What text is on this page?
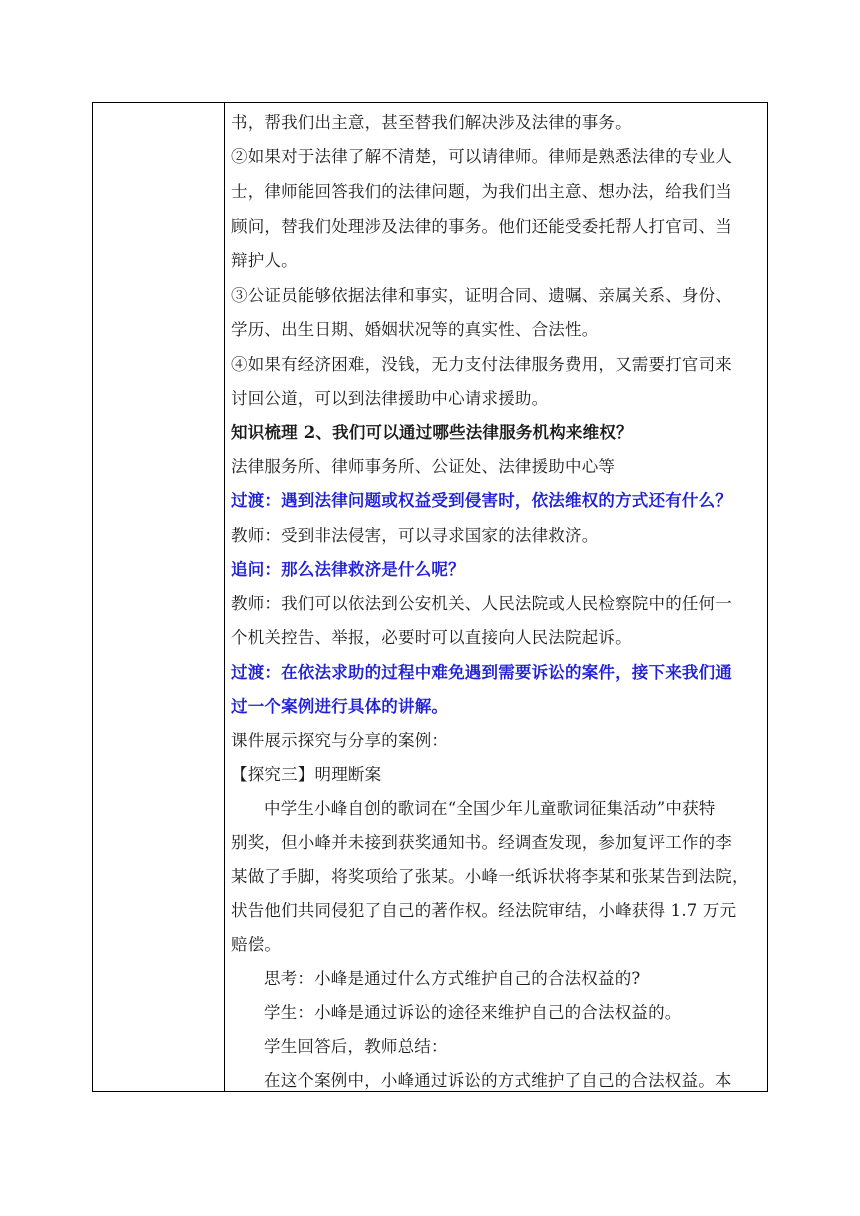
书，帮我们出主意，甚至替我们解决涉及法律的事务。
②如果对于法律了解不清楚，可以请律师。律师是熟悉法律的专业人
士，律师能回答我们的法律问题，为我们出主意、想办法，给我们当
顾问，替我们处理涉及法律的事务。他们还能受委托帮人打官司、当
辩护人。
③公证员能够依据法律和事实，证明合同、遗嘱、亲属关系、身份、
学历、出生日期、婚姻状况等的真实性、合法性。
④如果有经济困难，没钱，无力支付法律服务费用，又需要打官司来
讨回公道，可以到法律援助中心请求援助。
知识梳理 2、我们可以通过哪些法律服务机构来维权？
法律服务所、律师事务所、公证处、法律援助中心等
过渡：遇到法律问题或权益受到侵害时，依法维权的方式还有什么？
教师：受到非法侵害，可以寻求国家的法律救济。
追问：那么法律救济是什么呢？
教师：我们可以依法到公安机关、人民法院或人民检察院中的任何一
个机关控告、举报，必要时可以直接向人民法院起诉。
过渡：在依法求助的过程中难免遇到需要诉讼的案件，接下来我们通
过一个案例进行具体的讲解。
课件展示探究与分享的案例：
【探究三】明理断案
中学生小峰自创的歌词在“全国少年儿童歌词征集活动”中获特
别奖，但小峰并未接到获奖通知书。经调查发现，参加复评工作的李
某做了手脚，将奖项给了张某。小峰一纸诉状将李某和张某告到法院，
状告他们共同侵犯了自己的著作权。经法院审结，小峰获得 1.7 万元
赔偿。
思考：小峰是通过什么方式维护自己的合法权益的?
学生：小峰是通过诉讼的途径来维护自己的合法权益的。
学生回答后，教师总结：
在这个案例中，小峰通过诉讼的方式维护了自己的合法权益。本
